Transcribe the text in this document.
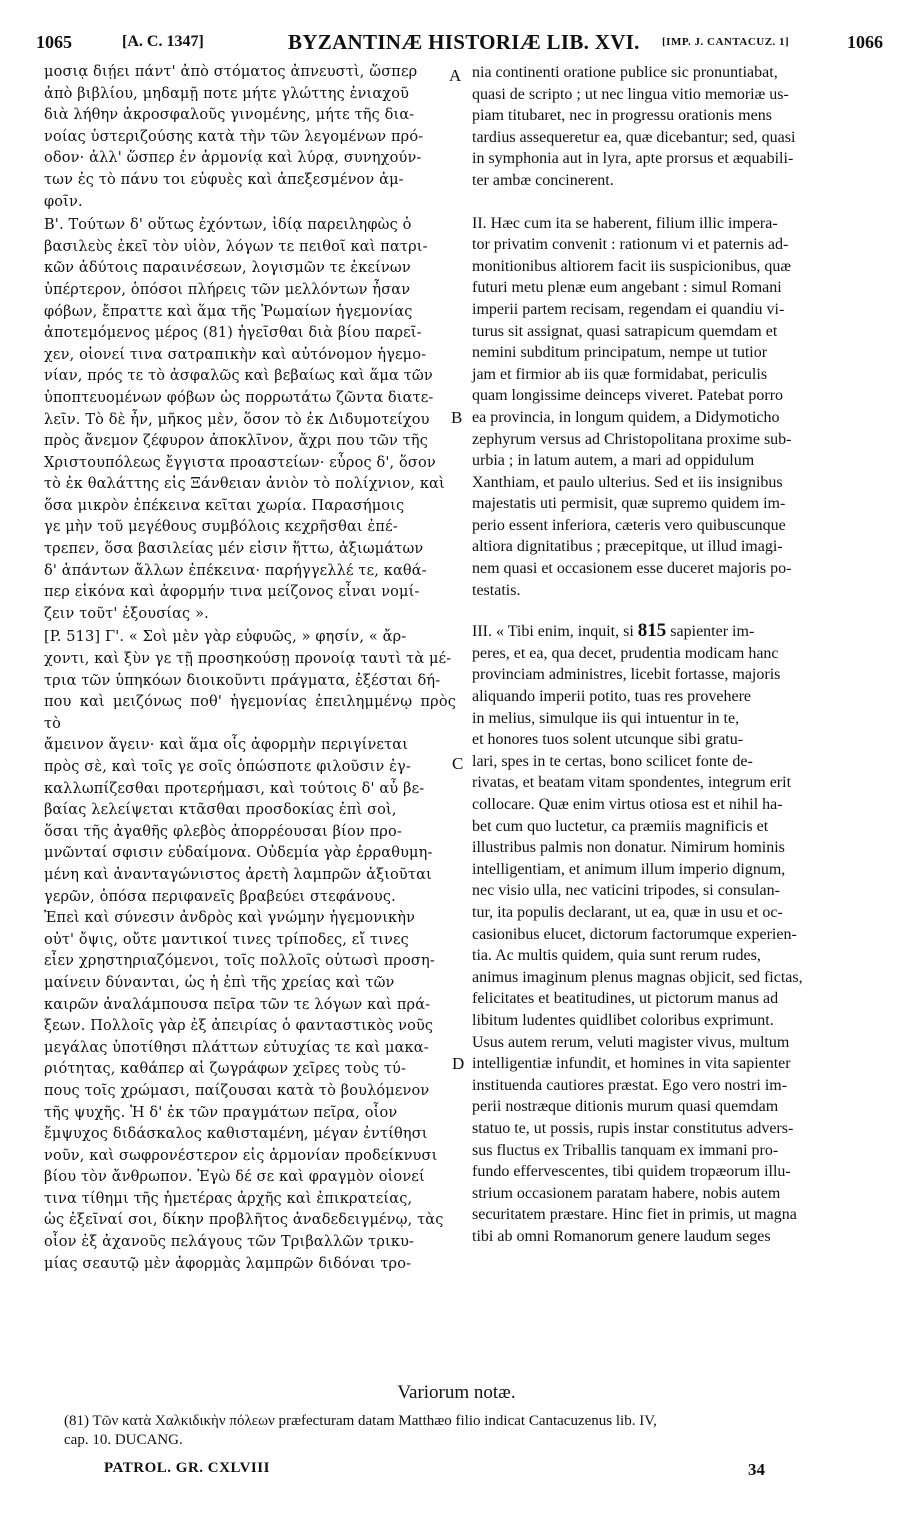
1065	[A. C. 1347]	BYZANTINÆ HISTORIÆ LIB. XVI. [IMP. J. CANTACUZ. 1]	1066
A
B
C
D

μοσιᾳ διῄει πάντ' ἀπὸ στόματος ἀπνευστὶ, ὥσπερ
ἀπὸ βιβλίου, μηδαμῇ ποτε μήτε γλώττης ἐνιαχοῦ
διὰ λήθην ἀκροσφαλοῦς γινομένης, μήτε τῆς δια-
νοίας ὑστεριζούσης κατὰ τὴν τῶν λεγομένων πρό-
οδον· ἀλλ' ὥσπερ ἐν ἁρμονίᾳ καὶ λύρᾳ, συνηχούν-
των ἐς τὸ πάνυ τοι εὐφυὲς καὶ ἀπεξεσμένον ἀμ-
φοῖν.

Β'. Τούτων δ' οὕτως ἐχόντων, ἰδίᾳ παρειληφὼς ὁ
βασιλεὺς ἐκεῖ τὸν υἱὸν, λόγων τε πειθοῖ καὶ πατρι-
κῶν ἀδύτοις παραινέσεων, λογισμῶν τε ἐκείνων
ὑπέρτερον, ὁπόσοι πλήρεις τῶν μελλόντων ἦσαν
φόβων, ἔπραττε καὶ ἅμα τῆς Ῥωμαίων ἡγεμονίας
ἀποτεμόμενος μέρος (81) ἡγεῖσθαι διὰ βίου παρεῖ-
χεν, οἱονεί τινα σατραπικὴν καὶ αὐτόνομον ἡγεμο-
νίαν, πρός τε τὸ ἀσφαλῶς καὶ βεβαίως καὶ ἅμα τῶν
ὑποπτευομένων φόβων ὡς πορρωτάτω ζῶντα διατε-
λεῖν. Τὸ δὲ ἦν, μῆκος μὲν, ὅσον τὸ ἐκ Διδυμοτείχου
πρὸς ἄνεμον ζέφυρον ἀποκλῖνον, ἄχρι που τῶν τῆς
Χριστουπόλεως ἔγγιστα προαστείων· εὖρος δ', ὅσον
τὸ ἐκ θαλάττης εἰς Ξάνθειαν ἀνιὸν τὸ πολίχνιον, καὶ
ὅσα μικρὸν ἐπέκεινα κεῖται χωρία. Παρασήμοις
γε μὴν τοῦ μεγέθους συμβόλοις κεχρῆσθαι ἐπέ-
τρεπεν, ὅσα βασιλείας μέν εἰσιν ἥττω, ἀξιωμάτων
δ' ἁπάντων ἄλλων ἐπέκεινα· παρήγγελλέ τε, καθά-
περ εἰκόνα καὶ ἀφορμήν τινα μείζονος εἶναι νομί-
ζειν τοῦτ' ἐξουσίας ».

[P. 513] Γ'. « Σοὶ μὲν γὰρ εὐφυῶς, » φησίν, « ἄρ-
χοντι, καὶ ξὺν γε τῇ προσηκούσῃ προνοίᾳ ταυτὶ τὰ μέ-
τρια τῶν ὑπηκόων διοικοῦντι πράγματα, ἐξέσται δή-
που καὶ μειζόνως ποθ' ἡγεμονίας ἐπειλημμένῳ πρὸς τὸ
ἄμεινον ἄγειν· καὶ ἅμα οἷς ἀφορμὴν περιγίνεται
πρὸς σὲ, καὶ τοῖς γε σοῖς ὁπώσποτε φιλοῦσιν ἐγ-
καλλωπίζεσθαι προτερήμασι, καὶ τούτοις δ' αὖ βε-
βαίας λελείψεται κτᾶσθαι προσδοκίας ἐπὶ σοὶ,
ὅσαι τῆς ἀγαθῆς φλεβὸς ἀπορρέουσαι βίον προ-
μνῶνταί σφισιν εὐδαίμονα. Οὐδεμία γὰρ ἐρραθυμη-
μένη καὶ ἀνανταγώνιστος ἀρετὴ λαμπρῶν ἀξιοῦται
γερῶν, ὁπόσα περιφανεῖς βραβεύει στεφάνους.
Ἐπεὶ καὶ σύνεσιν ἀνδρὸς καὶ γνώμην ἡγεμονικὴν
οὐτ' ὄψις, οὔτε μαντικοί τινες τρίποδες, εἴ τινες
εἶεν χρηστηριαζόμενοι, τοῖς πολλοῖς οὑτωσὶ προση-
μαίνειν δύνανται, ὡς ἡ ἐπὶ τῆς χρείας καὶ τῶν
καιρῶν ἀναλάμπουσα πεῖρα τῶν τε λόγων καὶ πρά-
ξεων. Πολλοῖς γὰρ ἐξ ἀπειρίας ὁ φανταστικὸς νοῦς
μεγάλας ὑποτίθησι πλάττων εὐτυχίας τε καὶ μακα-
ριότητας, καθάπερ αἱ ζωγράφων χεῖρες τοὺς τύ-
πους τοῖς χρώμασι, παίζουσαι κατὰ τὸ βουλόμενον
τῆς ψυχῆς. Ἡ δ' ἐκ τῶν πραγμάτων πεῖρα, οἷον
ἔμψυχος διδάσκαλος καθισταμένη, μέγαν ἐντίθησι
νοῦν, καὶ σωφρονέστερον εἰς ἁρμονίαν προδείκνυσι
βίου τὸν ἄνθρωπον. Ἐγὼ δέ σε καὶ φραγμὸν οἱονεί
τινα τίθημι τῆς ἡμετέρας ἀρχῆς καὶ ἐπικρατείας,
ὡς ἐξεῖναί σοι, δίκην προβλῆτος ἀναδεδειγμένῳ, τὰς
οἷον ἐξ ἀχανοῦς πελάγους τῶν Τριβαλλῶν τρικυ-
μίας σεαυτῷ μὲν ἀφορμὰς λαμπρῶν διδόναι τρο-

nia continenti oratione publice sic pronuntiabat,
quasi de scripto ; ut nec lingua vitio memoriæ us-
piam titubaret, nec in progressu orationis mens
tardius assequeretur ea, quæ dicebantur; sed, quasi
in symphonia aut in lyra, apte prorsus et æquabili-
ter ambæ concinerent.

II. Hæc cum ita se haberent, filium illic impera-
tor privatim convenit : rationum vi et paternis ad-
monitionibus altiorem facit iis suspicionibus, quæ
futuri metu plenæ eum angebant : simul Romani
imperii partem recisam, regendam ei quandiu vi-
turus sit assignat, quasi satrapicum quemdam et
nemini subditum principatum, nempe ut tutior
jam et firmior ab iis quæ formidabat, periculis
quam longissime deinceps viveret. Patebat porro
ea provincia, in longum quidem, a Didymoticho
zephyrum versus ad Christopolitana proxime sub-
urbia ; in latum autem, a mari ad oppidulum
Xanthiam, et paulo ulterius. Sed et iis insignibus
majestatis uti permisit, quæ supremo quidem im-
perio essent inferiora, cæteris vero quibuscunque
altiora dignitatibus ; præcepitque, ut illud imagi-
nem quasi et occasionem esse duceret majoris po-
testatis.

III. « Tibi enim, inquit, si 815 sapienter im-
peres, et ea, qua decet, prudentia modicam hanc
provinciam administres, licebit fortasse, majoris
aliquando imperii potito, tuas res provehere
in melius, simulque iis qui intuentur in te,
et honores tuos solent utcunque sibi gratu-
lari, spes in te certas, bono scilicet fonte de-
rivatas, et beatam vitam spondentes, integrum erit
collocare. Quæ enim virtus otiosa est et nihil ha-
bet cum quo luctetur, ca præmiis magnificis et
illustribus palmis non donatur. Nimirum hominis
intelligentiam, et animum illum imperio dignum,
nec visio ulla, nec vaticini tripodes, si consulan-
tur, ita populis declarant, ut ea, quæ in usu et oc-
casionibus elucet, dictorum factorumque experien-
tia. Ac multis quidem, quia sunt rerum rudes,
animus imaginum plenus magnas objicit, sed fictas,
felicitates et beatitudines, ut pictorum manus ad
libitum ludentes quidlibet coloribus exprimunt.
Usus autem rerum, veluti magister vivus, multum
intelligentiæ infundit, et homines in vita sapienter
instituenda cautiores præstat. Ego vero nostri im-
perii nostræque ditionis murum quasi quemdam
statuo te, ut possis, rupis instar constitutus advers-
sus fluctus ex Triballis tanquam ex immani pro-
fundo effervescentes, tibi quidem tropæorum illu-
strium occasionem paratam habere, nobis autem
securitatem præstare. Hinc fiet in primis, ut magna
tibi ab omni Romanorum genere laudum seges

Variorum notæ.
(81) Τῶν κατὰ Χαλκιδικὴν πόλεων præfecturam datam Matthæo filio indicat Cantacuzenus lib. IV,
cap. 10. DUCANG.
PATROL. GR. CXLVIII	34
